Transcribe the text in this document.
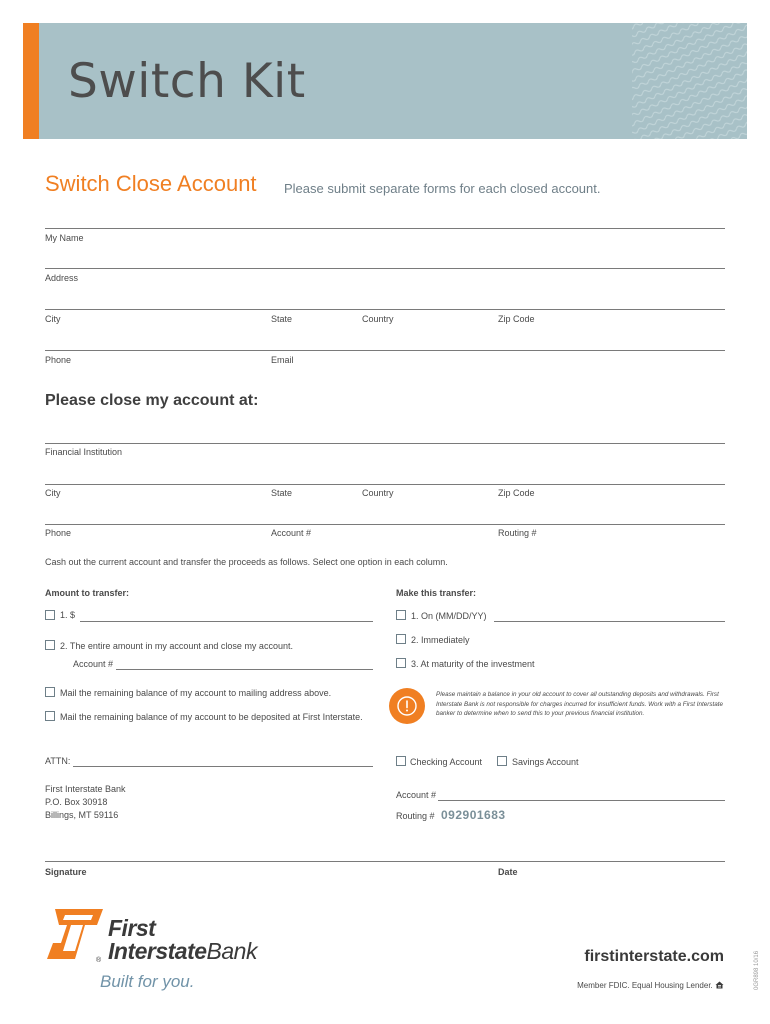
Switch Kit
Switch Close Account Please submit separate forms for each closed account.
My Name
Address
City	State	Country	Zip Code
Phone	Email
Please close my account at:
Financial Institution
City	State	Country	Zip Code
Phone	Account #	Routing #
Cash out the current account and transfer the proceeds as follows. Select one option in each column.
Amount to transfer:
1. $
2. The entire amount in my account and close my account.
Account #
Make this transfer:
1. On (MM/DD/YY)
2. Immediately
3. At maturity of the investment
Mail the remaining balance of my account to mailing address above.
Mail the remaining balance of my account to be deposited at First Interstate.
Please maintain a balance in your old account to cover all outstanding deposits and withdrawals. First Interstate Bank is not responsible for charges incurred for insufficient funds. Work with a First Interstate banker to determine when to send this to your previous financial institution.
ATTN:	Checking Account	Savings Account
First Interstate Bank
P.O. Box 30918
Billings, MT 59116
Account #
Routing # 092901683
Signature	Date
First
InterstateBank
®
Built for you.
firstinterstate.com
Member FDIC. Equal Housing Lender.	0GR898 10/16
